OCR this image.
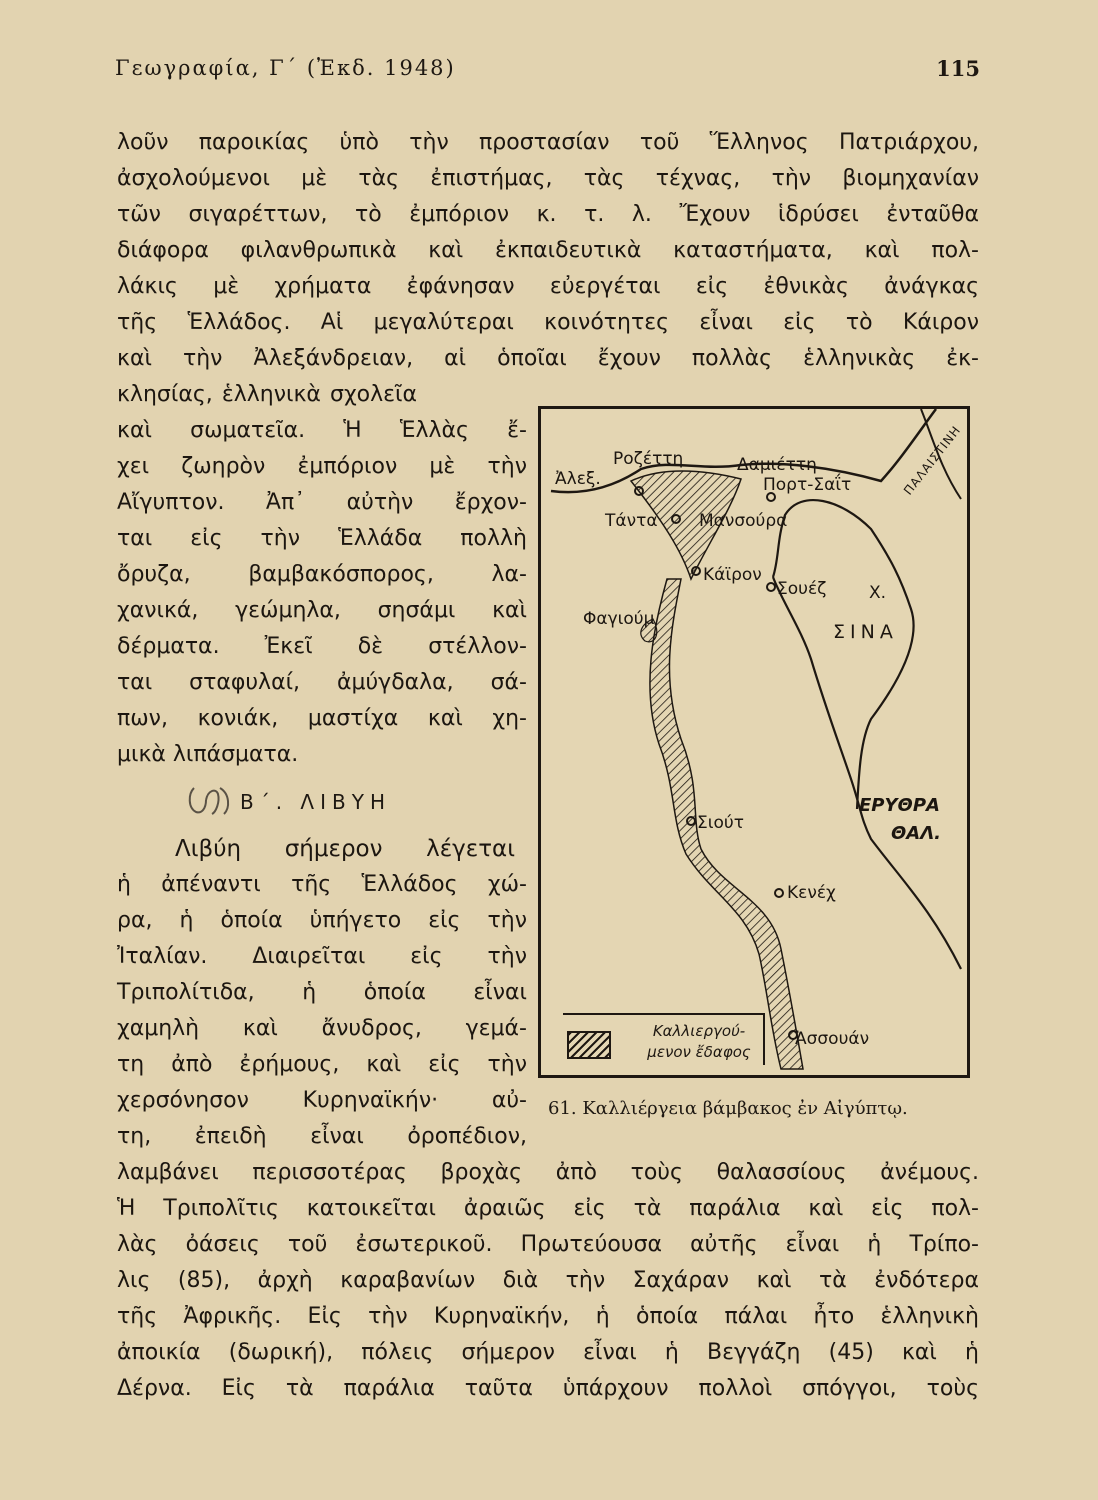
Γεωγραφία, Γ΄ (Ἐκδ. 1948)	115
λοῦν παροικίας ὑπὸ τὴν προστασίαν τοῦ Ἕλληνος Πατριάρχου,
ἀσχολούμενοι μὲ τὰς ἐπιστήμας, τὰς τέχνας, τὴν βιομηχανίαν
τῶν σιγαρέττων, τὸ ἐμπόριον κ. τ. λ. Ἔχουν ἱδρύσει ἐνταῦθα
διάφορα φιλανθρωπικὰ καὶ ἐκπαιδευτικὰ καταστήματα, καὶ πολ-
λάκις μὲ χρήματα ἐφάνησαν εὐεργέται εἰς ἐθνικὰς ἀνάγκας
τῆς Ἑλλάδος. Αἱ μεγαλύτεραι κοινότητες εἶναι εἰς τὸ Κάιρον
καὶ τὴν Ἀλεξάνδρειαν, αἱ ὁποῖαι ἔχουν πολλὰς ἑλληνικὰς ἐκ-
κλησίας, ἑλληνικὰ σχολεῖα
καὶ σωματεῖα. Ἡ Ἑλλὰς ἔ-
χει ζωηρὸν ἐμπόριον μὲ τὴν
Αἴγυπτον. Ἀπ᾽ αὐτὴν ἔρχον-
ται εἰς τὴν Ἑλλάδα πολλὴ
ὄρυζα, βαμβακόσπορος, λα-
χανικά, γεώμηλα, σησάμι καὶ
δέρματα. Ἐκεῖ δὲ στέλλον-
ται σταφυλαί, ἀμύγδαλα, σά-
πων, κονιάκ, μαστίχα καὶ χη-
μικὰ λιπάσματα.
Β΄. ΛΙΒΥΗ
Λιβύη σήμερον λέγεται
ἡ ἀπέναντι τῆς Ἑλλάδος χώ-
ρα, ἡ ὁποία ὑπήγετο εἰς τὴν
Ἰταλίαν. Διαιρεῖται εἰς τὴν
Τριπολίτιδα, ἡ ὁποία εἶναι
χαμηλὴ καὶ ἄνυδρος, γεμά-
τη ἀπὸ ἐρήμους, καὶ εἰς τὴν
χερσόνησον Κυρηναϊκήν· αὐ-
τη, ἐπειδὴ εἶναι ὀροπέδιον,
λαμβάνει περισσοτέρας βροχὰς ἀπὸ τοὺς θαλασσίους ἀνέμους.
Ἡ Τριπολῖτις κατοικεῖται ἀραιῶς εἰς τὰ παράλια καὶ εἰς πολ-
λὰς ὀάσεις τοῦ ἐσωτερικοῦ. Πρωτεύουσα αὐτῆς εἶναι ἡ Τρίπο-
λις (85), ἀρχὴ καραβανίων διὰ τὴν Σαχάραν καὶ τὰ ἐνδότερα
τῆς Ἀφρικῆς. Εἰς τὴν Κυρηναϊκήν, ἡ ὁποία πάλαι ἦτο ἑλληνικὴ
ἀποικία (δωρική), πόλεις σήμερον εἶναι ἡ Βεγγάζη (45) καὶ ἡ
Δέρνα. Εἰς τὰ παράλια ταῦτα ὑπάρχουν πολλοὶ σπόγγοι, τοὺς
Ροζέττη
Ἀλεξ.
Δαμιέττη
Πορτ-Σαΐτ	ΠΑΛΑΙΣΤΙΝΗ
Τάντα Μανσούρα
Κάϊρον
Σουέζ	Χ.
ΣΙΝΑ
Φαγιούμ
ΕΡΥΘΡΑ
ΘΑΛ.
Σιούτ
Κενέχ
Ἀσσουάν
Καλλιεργού-
μενον ἔδαφος
61. Καλλιέργεια βάμβακος ἐν Αἰγύπτῳ.
